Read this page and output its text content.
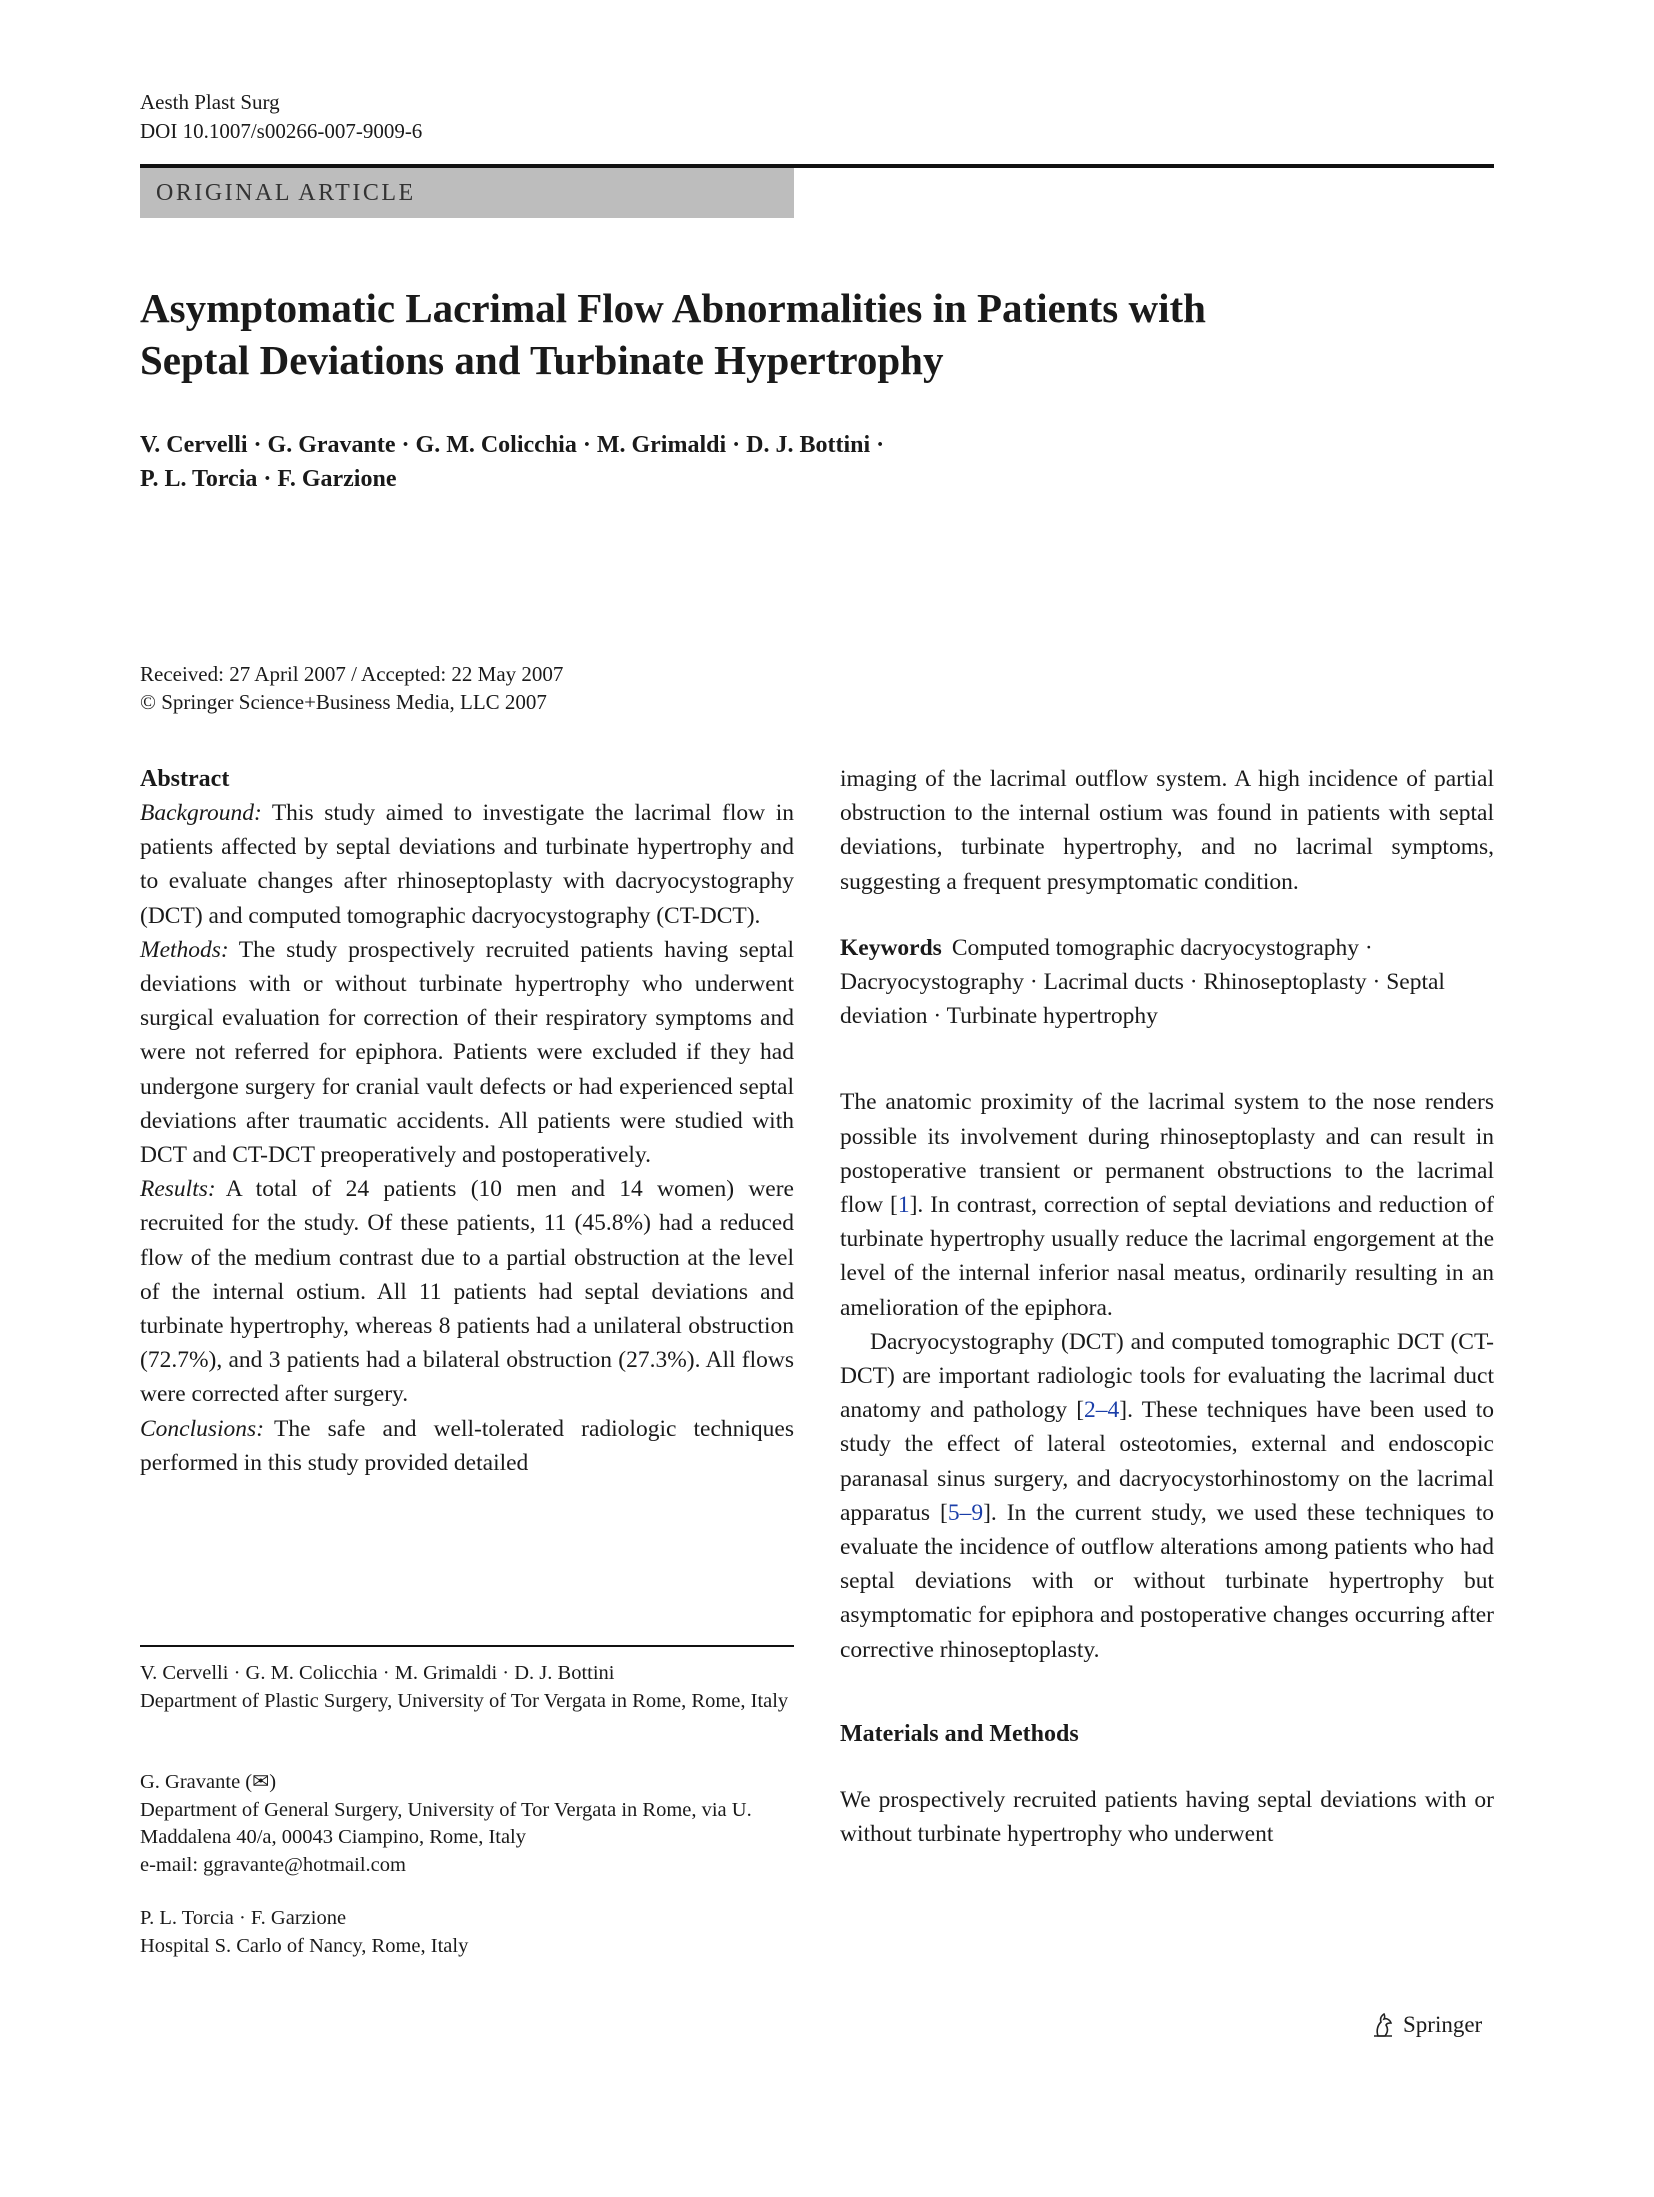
Aesth Plast Surg
DOI 10.1007/s00266-007-9009-6
ORIGINAL ARTICLE
Asymptomatic Lacrimal Flow Abnormalities in Patients with
Septal Deviations and Turbinate Hypertrophy
V. Cervelli · G. Gravante · G. M. Colicchia · M. Grimaldi · D. J. Bottini ·
P. L. Torcia · F. Garzione
Received: 27 April 2007 / Accepted: 22 May 2007
© Springer Science+Business Media, LLC 2007
Abstract

Background: This study aimed to investigate the lacrimal flow in patients affected by septal deviations and turbinate hypertrophy and to evaluate changes after rhinoseptoplasty with dacryocystography (DCT) and computed tomographic dacryocystography (CT-DCT).

Methods: The study prospectively recruited patients having septal deviations with or without turbinate hypertrophy who underwent surgical evaluation for correction of their respiratory symptoms and were not referred for epiphora. Patients were excluded if they had undergone surgery for cranial vault defects or had experienced septal deviations after traumatic accidents. All patients were studied with DCT and CT-DCT preoperatively and postoperatively.

Results: A total of 24 patients (10 men and 14 women) were recruited for the study. Of these patients, 11 (45.8%) had a reduced flow of the medium contrast due to a partial obstruction at the level of the internal ostium. All 11 patients had septal deviations and turbinate hypertrophy, whereas 8 patients had a unilateral obstruction (72.7%), and 3 patients had a bilateral obstruction (27.3%). All flows were corrected after surgery.

Conclusions: The safe and well-tolerated radiologic techniques performed in this study provided detailed

V. Cervelli · G. M. Colicchia · M. Grimaldi · D. J. Bottini

Department of Plastic Surgery, University of Tor Vergata in Rome, Rome, Italy

G. Gravante (✉)

Department of General Surgery, University of Tor Vergata in Rome, via U. Maddalena 40/a, 00043 Ciampino, Rome, Italy

e-mail: ggravante@hotmail.com

P. L. Torcia · F. Garzione

Hospital S. Carlo of Nancy, Rome, Italy

imaging of the lacrimal outflow system. A high incidence of partial obstruction to the internal ostium was found in patients with septal deviations, turbinate hypertrophy, and no lacrimal symptoms, suggesting a frequent presymptomatic condition.

Keywords Computed tomographic dacryocystography · Dacryocystography · Lacrimal ducts · Rhinoseptoplasty · Septal deviation · Turbinate hypertrophy

The anatomic proximity of the lacrimal system to the nose renders possible its involvement during rhinoseptoplasty and can result in postoperative transient or permanent obstructions to the lacrimal flow [1]. In contrast, correction of septal deviations and reduction of turbinate hypertrophy usually reduce the lacrimal engorgement at the level of the internal inferior nasal meatus, ordinarily resulting in an amelioration of the epiphora.

Dacryocystography (DCT) and computed tomographic DCT (CT-DCT) are important radiologic tools for evaluating the lacrimal duct anatomy and pathology [2–4]. These techniques have been used to study the effect of lateral osteotomies, external and endoscopic paranasal sinus surgery, and dacryocystorhinostomy on the lacrimal apparatus [5–9]. In the current study, we used these techniques to evaluate the incidence of outflow alterations among patients who had septal deviations with or without turbinate hypertrophy but asymptomatic for epiphora and postoperative changes occurring after corrective rhinoseptoplasty.

Materials and Methods

We prospectively recruited patients having septal deviations with or without turbinate hypertrophy who underwent

Springer
